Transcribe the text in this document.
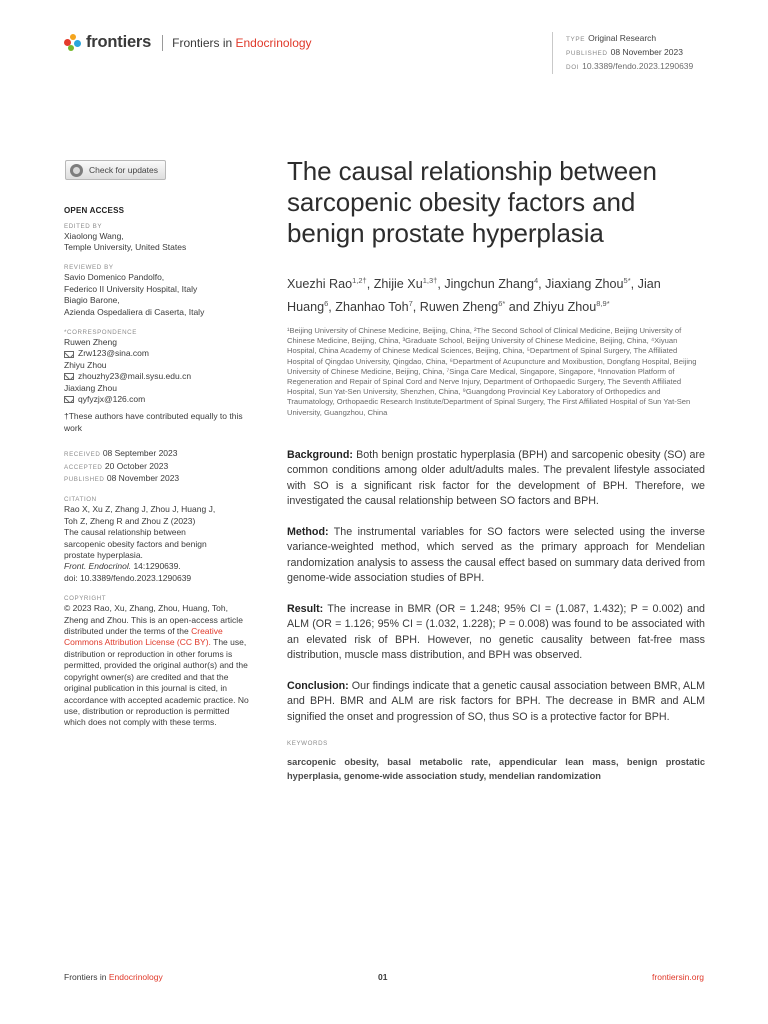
frontiers Frontiers in Endocrinology	TYPE Original Research
PUBLISHED 08 November 2023
DOI 10.3389/fendo.2023.1290639
Check for updates
OPEN ACCESS
EDITED BY
Xiaolong Wang,
Temple University, United States
REVIEWED BY
Savio Domenico Pandolfo,
Federico II University Hospital, Italy
Biagio Barone,
Azienda Ospedaliera di Caserta, Italy
*CORRESPONDENCE
Ruwen Zheng
Zrw123@sina.com
Zhiyu Zhou
zhouzhy23@mail.sysu.edu.cn
Jiaxiang Zhou
qyfyzjx@126.com
†These authors have contributed equally to this work
RECEIVED 08 September 2023
ACCEPTED 20 October 2023
PUBLISHED 08 November 2023
CITATION
Rao X, Xu Z, Zhang J, Zhou J, Huang J,
Toh Z, Zheng R and Zhou Z (2023)
The causal relationship between
sarcopenic obesity factors and benign
prostate hyperplasia.
Front. Endocrinol. 14:1290639.
doi: 10.3389/fendo.2023.1290639
COPYRIGHT
© 2023 Rao, Xu, Zhang, Zhou, Huang, Toh, Zheng and Zhou. This is an open-access article distributed under the terms of the Creative Commons Attribution License (CC BY). The use, distribution or reproduction in other forums is permitted, provided the original author(s) and the copyright owner(s) are credited and that the original publication in this journal is cited, in accordance with accepted academic practice. No use, distribution or reproduction is permitted which does not comply with these terms.
The causal relationship between sarcopenic obesity factors and benign prostate hyperplasia
Xuezhi Rao$^{1,2\dagger}$, Zhijie $Xu^{1,3\dagger}$, Jingchun Zhang$^4$, Jiaxiang Zhou$^{5*}$, Jian Huang$^6$, Zhanhao Toh$^7$, Ruwen Zheng$^{6*}$ and Zhiyu Zhou$^{8,9*}$
¹Beijing University of Chinese Medicine, Beijing, China, ²The Second School of Clinical Medicine, Beijing University of Chinese Medicine, Beijing, China, ³Graduate School, Beijing University of Chinese Medicine, Beijing, China, ⁴Xiyuan Hospital, China Academy of Chinese Medical Sciences, Beijing, China, ⁵Department of Spinal Surgery, The Affiliated Hospital of Qingdao University, Qingdao, China, ⁶Department of Acupuncture and Moxibustion, Dongfang Hospital, Beijing University of Chinese Medicine, Beijing, China, ⁷Singa Care Medical, Singapore, Singapore, ⁸Innovation Platform of Regeneration and Repair of Spinal Cord and Nerve Injury, Department of Orthopaedic Surgery, The Seventh Affiliated Hospital, Sun Yat-Sen University, Shenzhen, China, ⁹Guangdong Provincial Key Laboratory of Orthopedics and Traumatology, Orthopaedic Research Institute/Department of Spinal Surgery, The First Affiliated Hospital of Sun Yat-Sen University, Guangzhou, China

Background: Both benign prostatic hyperplasia (BPH) and sarcopenic obesity (SO) are common conditions among older adult/adults males. The prevalent lifestyle associated with SO is a significant risk factor for the development of BPH. Therefore, we investigated the causal relationship between SO factors and BPH.

Method: The instrumental variables for SO factors were selected using the inverse variance-weighted method, which served as the primary approach for Mendelian randomization analysis to assess the causal effect based on summary data derived from genome-wide association studies of BPH.

Result: The increase in BMR (OR = 1.248; 95% CI = (1.087, 1.432); P = 0.002) and ALM (OR = 1.126; 95% CI = (1.032, 1.228); P = 0.008) was found to be associated with an elevated risk of BPH. However, no genetic causality between fat-free mass distribution, muscle mass distribution, and BPH was observed.

Conclusion: Our findings indicate that a genetic causal association between BMR, ALM and BPH. BMR and ALM are risk factors for BPH. The decrease in BMR and ALM signified the onset and progression of SO, thus SO is a protective factor for BPH.

KEYWORDS
sarcopenic obesity, basal metabolic rate, appendicular lean mass, benign prostatic hyperplasia, genome-wide association study, mendelian randomization
Frontiers in Endocrinology	01	frontiersin.org
